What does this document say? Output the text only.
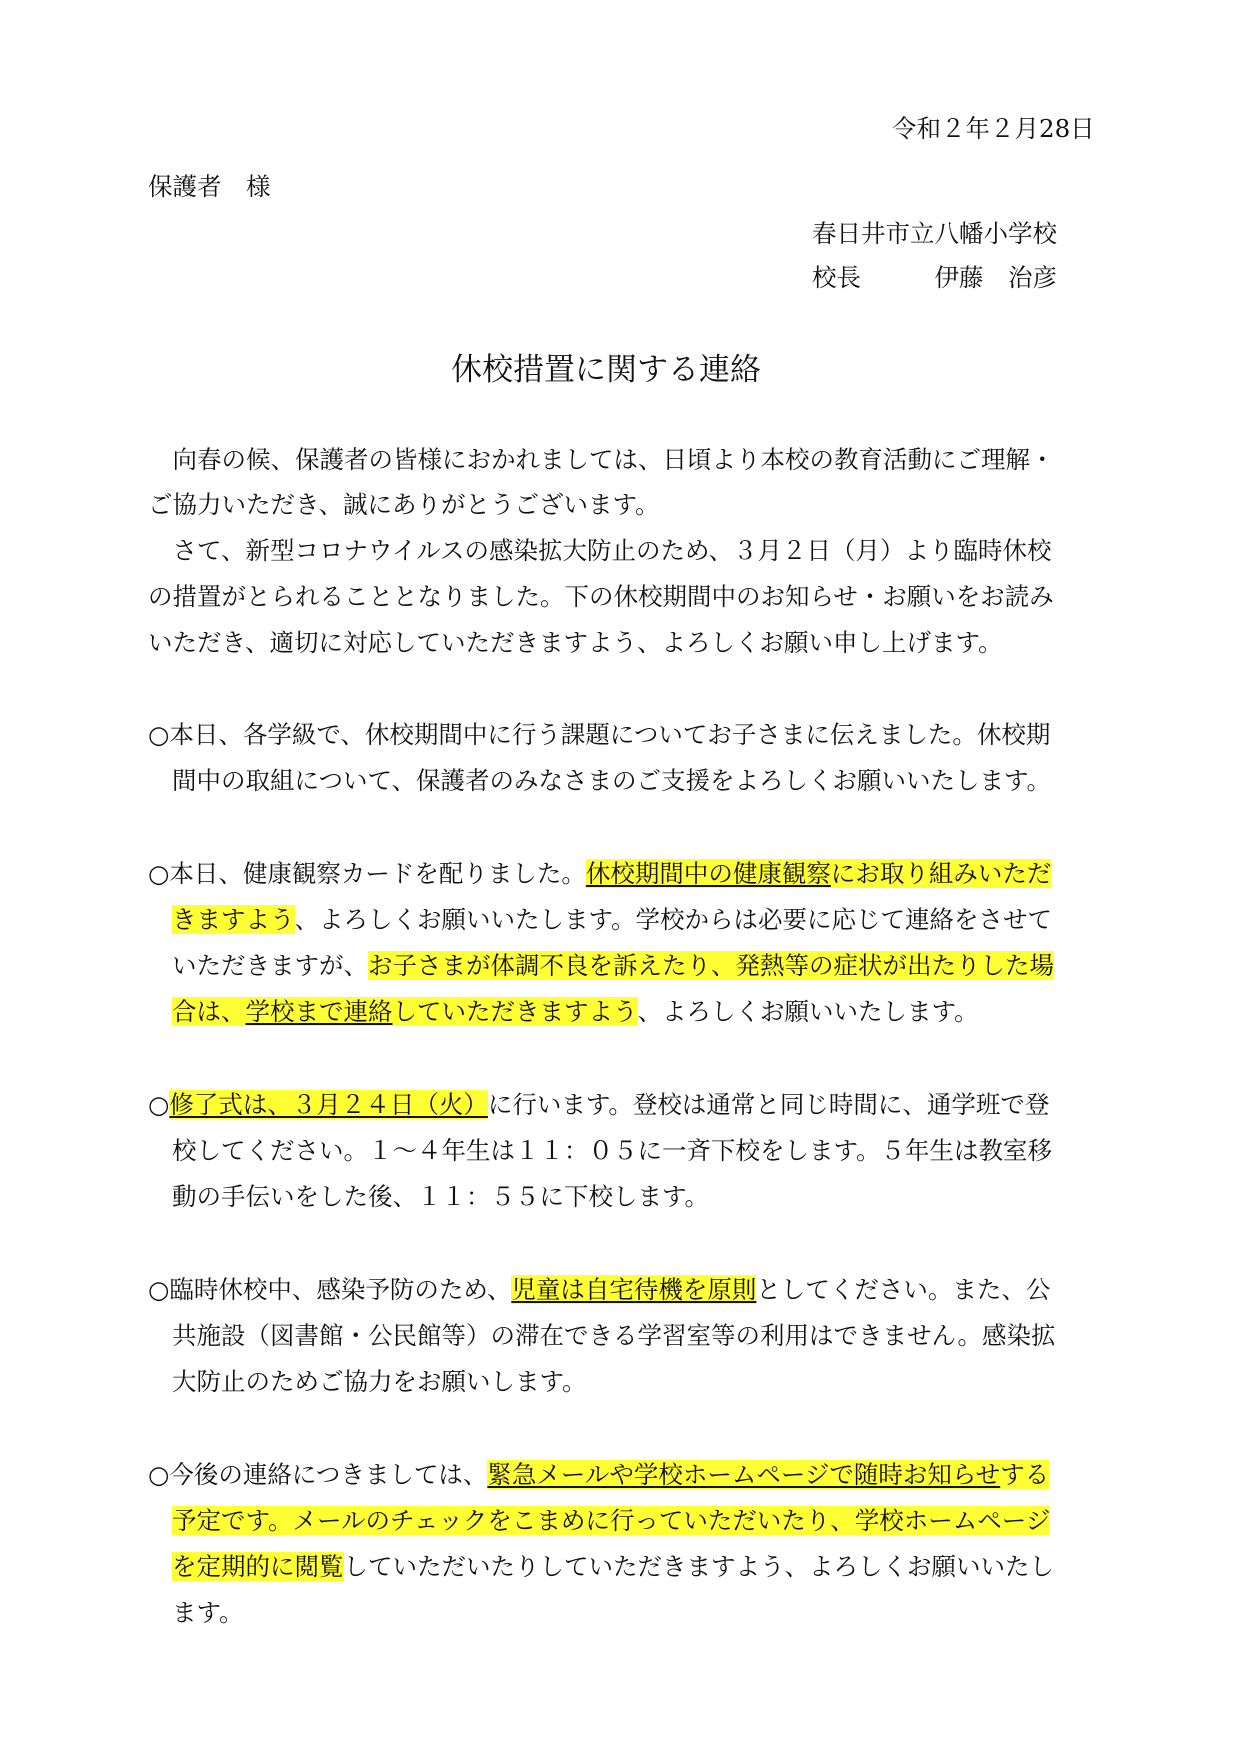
令和２年２月28日
保護者　様
春日井市立八幡小学校
校長　　　伊藤　治彦
休校措置に関する連絡
　向春の候、保護者の皆様におかれましては、日頃より本校の教育活動にご理解・
ご協力いただき、誠にありがとうございます。
　さて、新型コロナウイルスの感染拡大防止のため、３月２日（月）より臨時休校
の措置がとられることとなりました。下の休校期間中のお知らせ・お願いをお読み
いただき、適切に対応していただきますよう、よろしくお願い申し上げます。
○本日、各学級で、休校期間中に行う課題についてお子さまに伝えました。休校期
間中の取組について、保護者のみなさまのご支援をよろしくお願いいたします。
○本日、健康観察カードを配りました。休校期間中の健康観察にお取り組みいただ
きますよう、よろしくお願いいたします。学校からは必要に応じて連絡をさせて
いただきますが、お子さまが体調不良を訴えたり、発熱等の症状が出たりした場
合は、学校まで連絡していただきますよう、よろしくお願いいたします。
○修了式は、３月２４日（火）に行います。登校は通常と同じ時間に、通学班で登
校してください。１～４年生は１１：０５に一斉下校をします。５年生は教室移
動の手伝いをした後、１１：５５に下校します。
○臨時休校中、感染予防のため、児童は自宅待機を原則としてください。また、公
共施設（図書館・公民館等）の滞在できる学習室等の利用はできません。感染拡
大防止のためご協力をお願いします。
○今後の連絡につきましては、緊急メールや学校ホームページで随時お知らせする
予定です。メールのチェックをこまめに行っていただいたり、学校ホームページ
を定期的に閲覧していただいたりしていただきますよう、よろしくお願いいたし
ます。
